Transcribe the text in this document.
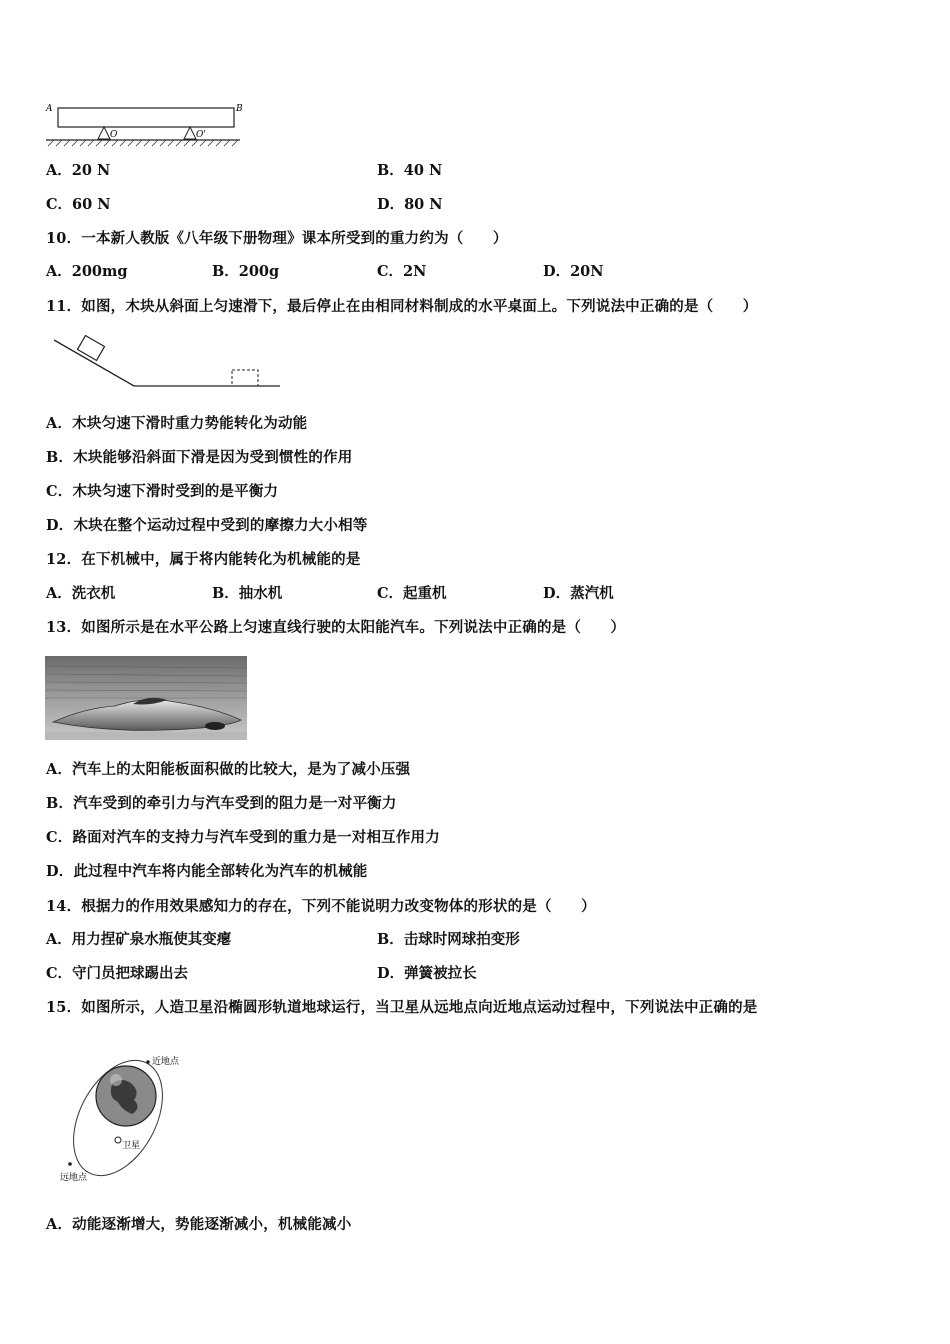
A	B
O	O'
A．20 N	B．40 N
C．60 N	D．80 N
10．一本新人教版《八年级下册物理》课本所受到的重力约为（　　）
A．200mg	B．200g	C．2N	D．20N
11．如图，木块从斜面上匀速滑下，最后停止在由相同材料制成的水平桌面上。下列说法中正确的是（　　）
A．木块匀速下滑时重力势能转化为动能
B．木块能够沿斜面下滑是因为受到惯性的作用
C．木块匀速下滑时受到的是平衡力
D．木块在整个运动过程中受到的摩擦力大小相等
12．在下机械中，属于将内能转化为机械能的是
A．洗衣机	B．抽水机	C．起重机	D．蒸汽机
13．如图所示是在水平公路上匀速直线行驶的太阳能汽车。下列说法中正确的是（　　）
A．汽车上的太阳能板面积做的比较大，是为了减小压强
B．汽车受到的牵引力与汽车受到的阻力是一对平衡力
C．路面对汽车的支持力与汽车受到的重力是一对相互作用力
D．此过程中汽车将内能全部转化为汽车的机械能
14．根据力的作用效果感知力的存在，下列不能说明力改变物体的形状的是（　　）
A．用力捏矿泉水瓶使其变瘪	B．击球时网球拍变形
C．守门员把球踢出去	D．弹簧被拉长
15．如图所示，人造卫星沿椭圆形轨道地球运行，当卫星从远地点向近地点运动过程中，下列说法中正确的是
近地点
卫星
远地点
A．动能逐渐增大，势能逐渐减小，机械能减小
